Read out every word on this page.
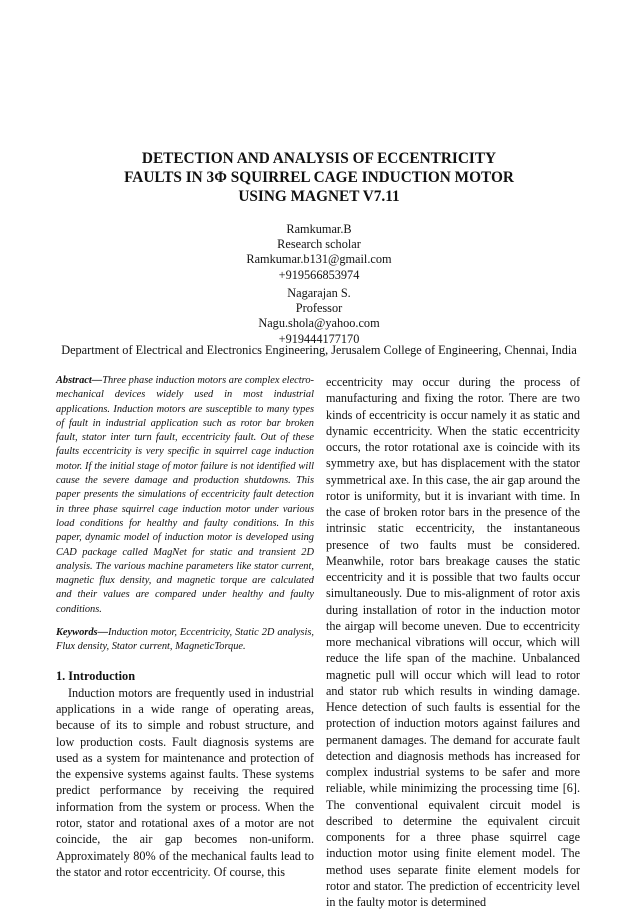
DETECTION AND ANALYSIS OF ECCENTRICITY
FAULTS IN 3Φ SQUIRREL CAGE INDUCTION MOTOR
USING MAGNET V7.11
Ramkumar.B
Research scholar
Ramkumar.b131@gmail.com
+919566853974
Nagarajan S.
Professor
Nagu.shola@yahoo.com
+919444177170
Department of Electrical and Electronics Engineering, Jerusalem College of Engineering, Chennai, India

Abstract—Three phase induction motors are complex electro-mechanical devices widely used in most industrial applications. Induction motors are susceptible to many types of fault in industrial application such as rotor bar broken fault, stator inter turn fault, eccentricity fault. Out of these faults eccentricity is very specific in squirrel cage induction motor. If the initial stage of motor failure is not identified will cause the severe damage and production shutdowns. This paper presents the simulations of eccentricity fault detection in three phase squirrel cage induction motor under various load conditions for healthy and faulty conditions. In this paper, dynamic model of induction motor is developed using CAD package called MagNet for static and transient 2D analysis. The various machine parameters like stator current, magnetic flux density, and magnetic torque are calculated and their values are compared under healthy and faulty conditions.

Keywords—Induction motor, Eccentricity, Static 2D analysis, Flux density, Stator current, MagneticTorque.

1. Introduction

Induction motors are frequently used in industrial applications in a wide range of operating areas, because of its to simple and robust structure, and low production costs. Fault diagnosis systems are used as a system for maintenance and protection of the expensive systems against faults. These systems predict performance by receiving the required information from the system or process. When the rotor, stator and rotational axes of a motor are not coincide, the air gap becomes non-uniform. Approximately 80% of the mechanical faults lead to the stator and rotor eccentricity. Of course, this

eccentricity may occur during the process of manufacturing and fixing the rotor. There are two kinds of eccentricity is occur namely it as static and dynamic eccentricity. When the static eccentricity occurs, the rotor rotational axe is coincide with its symmetry axe, but has displacement with the stator symmetrical axe. In this case, the air gap around the rotor is uniformity, but it is invariant with time. In the case of broken rotor bars in the presence of the intrinsic static eccentricity, the instantaneous presence of two faults must be considered. Meanwhile, rotor bars breakage causes the static eccentricity and it is possible that two faults occur simultaneously. Due to mis-alignment of rotor axis during installation of rotor in the induction motor the airgap will become uneven. Due to eccentricity more mechanical vibrations will occur, which will reduce the life span of the machine. Unbalanced magnetic pull will occur which will lead to rotor and stator rub which results in winding damage. Hence detection of such faults is essential for the protection of induction motors against failures and permanent damages. The demand for accurate fault detection and diagnosis methods has increased for complex industrial systems to be safer and more reliable, while minimizing the processing time [6]. The conventional equivalent circuit model is described to determine the equivalent circuit components for a three phase squirrel cage induction motor using finite element model. The method uses separate finite element models for rotor and stator. The prediction of eccentricity level in the faulty motor is determined
